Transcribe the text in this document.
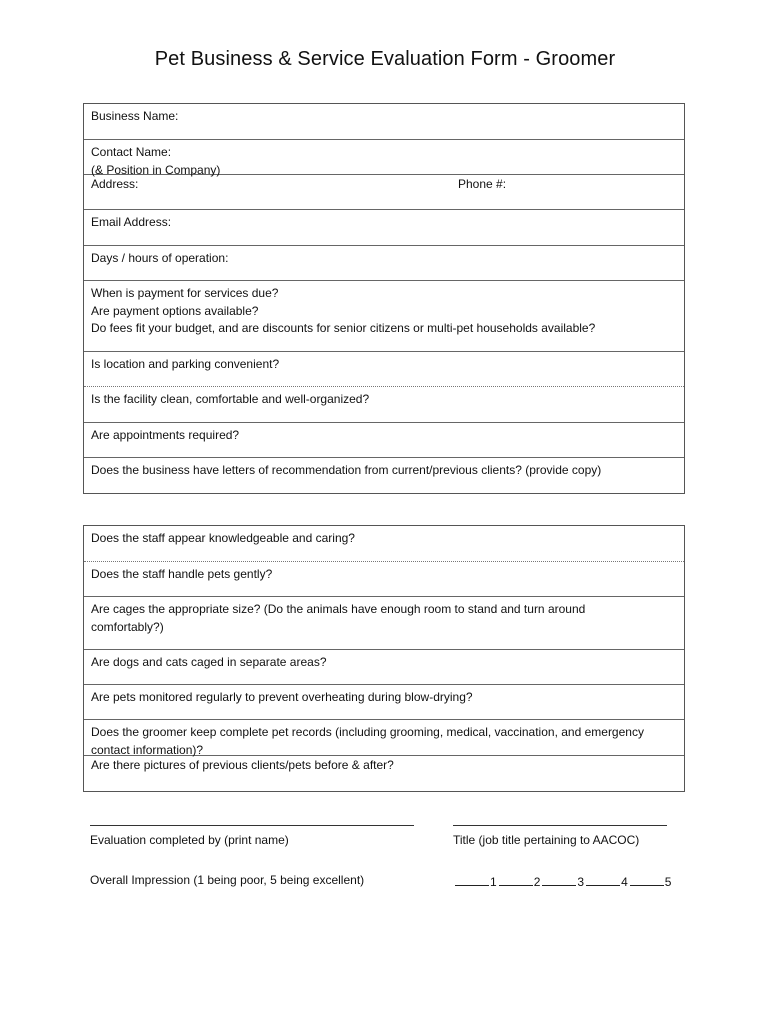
Pet Business & Service Evaluation Form - Groomer
Business Name:
Contact Name:
(& Position in Company)
Address:	Phone #:
Email Address:
Days / hours of operation:
When is payment for services due?
Are payment options available?
Do fees fit your budget, and are discounts for senior citizens or multi-pet households available?
Is location and parking convenient?
Is the facility clean, comfortable and well-organized?
Are appointments required?
Does the business have letters of recommendation from current/previous clients? (provide copy)
Does the staff appear knowledgeable and caring?
Does the staff handle pets gently?
Are cages the appropriate size? (Do the animals have enough room to stand and turn around comfortably?)
Are dogs and cats caged in separate areas?
Are pets monitored regularly to prevent overheating during blow-drying?
Does the groomer keep complete pet records (including grooming, medical, vaccination, and emergency contact information)?
Are there pictures of previous clients/pets before & after?
Evaluation completed by (print name)	Title (job title pertaining to AACOC)
Overall Impression (1 being poor, 5 being excellent)	1	2	3	4	5
